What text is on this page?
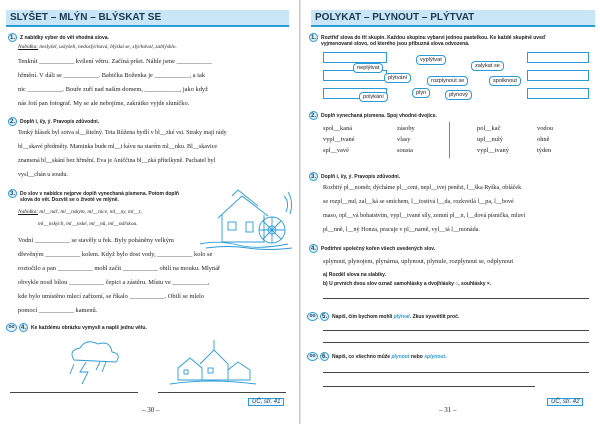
SLYŠET – MLÝN – BLÝSKAT SE
1. Z nabídky vyber do vět vhodná slova.
Nabídka: neslyšel, uslyšeli, nedoslýchavá, blýská se, slýchával, zablýsklo.
Tenkrát ___________ kvílení větru. Začíná pršet. Náhle jsme ___________
hřmění. V dáli se ___________. Babička Boženka je ___________, a tak
nic ___________. Bouře zuří nad naším domem, ___________, jako když
nás fotí pan fotograf. My se ale nebojíme, zakrátko vyjde sluníčko.
2. Doplň i, í/y, ý. Pravopis zdůvodni.
Tenký hlásek byl sotva sl__šitelný. Teta Růžena bydlí v bl__zké vsi. Straky mají rády
bl__skavé předměty. Maminka bude ml__t kávu na starém ml__nku. Bl__skavice
znamená bl__skání bez hřmění. Eva je Aniččina bl__zká přítelkyně. Pachatel byl
vysl__chán u soudu.
3. Do slov v nabídce nejprve doplň vynechaná písmena. Potom doplň
slova do vět. Dozvíš se o životě ve mlýně.
Nabídka: ml__nář, ml__nským, ml__nice, ml__ny, ml__t,
ml__nských, ml__nské, ml__nů, ml__nářskou.
Vodní ___________ se stavěly u řek. Byly poháněny velkým
dřevěným ___________ kolem. Když bylo dost vody, ___________ kolo se
roztočilo a pan ___________ mohl začít ___________ obilí na mouku. Mlynář
obvykle nosil bílou ___________ čepici a zástěru. Místu ve ___________,
kde bylo umístěno mlecí zařízení, se říkalo ___________. Obilí se mlelo
pomocí ___________ kamenů.
oo 4. Ke každému obrázku vymysli a napiš jednu větu.
– 30 –
UČ, str. 41
POLYKAT – PLYNOUT – PLÝTVAT
1. Roztřiď slova do tří skupin. Každou skupinu vybarvi jednou pastelkou. Ke každé skupině uveď
vyjmenované slovo, od kterého jsou příbuzná slova odvozená.
neplýtvat
plýtvání
vyplýtvat
rozplynout se
zalykat se
polykání
plyn	plynový
spolknout
2. Doplň vynechaná písmena. Spoj vhodné dvojice.
spol__kaná
vypl__tvané
spl__vavé
zásoby
vlasy
sousta
pol__kač
upl__nulý
vypl__tvaný
vodou
ohně
týden
3. Doplň i, í/y, ý. Pravopis zdůvodni.
Rozbitý pl__noměr, dýcháme pl__ceni, nepl__tvej penězi, l__ška Ryška, obláček
se rozpl__nul, zal__ká se smíchem, l__tostivá l__da, rozkvetlá l__pa, l__bové
maso, opl__vá bohatstvím, vypl__tvané síly, zemní pl__n, l__dová písnička, mluví
pl__nně, l__ný Honza, pracuje v pl__narně, vyl__tá l__monáda.
4. Podtrhni společný kořen všech uvedených slov.
splynout, plynojem, plynárna, uplynout, plynule, rozplynout se, odplynout
a) Rozděl slova na slabiky.
b) U prvních dvou slov označ samohlásky a dvojhlásky ○, souhlásky ×.
oo 5. Napiš, čím bychom mohli plýtvat. Zkus vysvětlit proč.
oo 6. Napiš, co všechno může plynout nebo splynout.
– 31 –
UČ, str. 42
